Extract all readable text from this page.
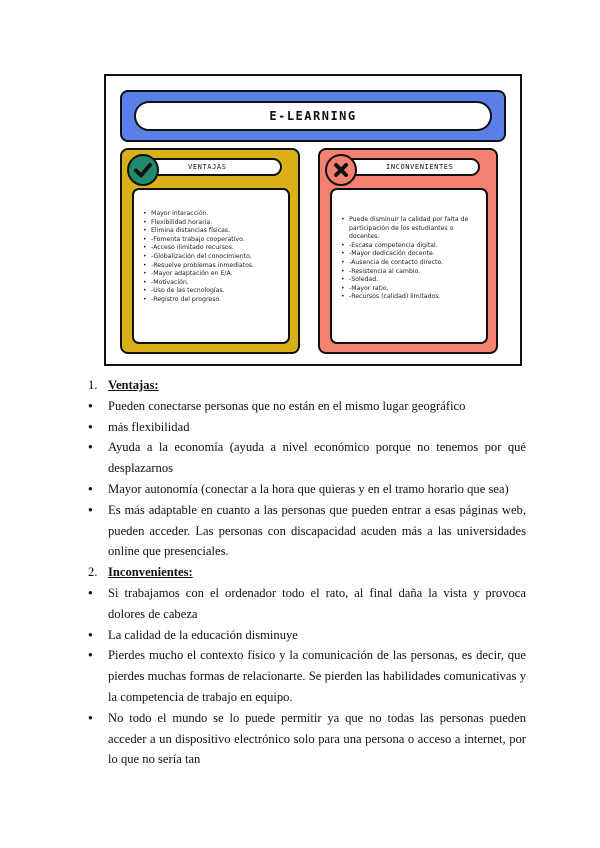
E-LEARNING
VENTAJAS
• Mayor interacción.
• Flexibilidad horaria.
• Elimina distancias físicas.
• -Fomenta trabajo cooperativo.
• -Acceso ilimitado recursos.
• -Globalización del conocimiento.
• -Resuelve problemas inmediatos.
• -Mayor adaptación en E/A.
• -Motivación.
• -Uso de las tecnologías.
• -Registro del progreso.
INCONVENIENTES
• Puede disminuir la calidad por falta de participación de los estudiantes o docentes.
• -Escasa competencia digital.
• -Mayor dedicación docente.
• -Ausencia de contacto directo.
• -Resistencia al cambio.
• -Soledad.
• -Mayor ratio.
• -Recursos (calidad) limitados.
1. Ventajas:
● Pueden conectarse personas que no están en el mismo lugar geográfico
● más flexibilidad
● Ayuda a la economía (ayuda a nivel económico porque no tenemos por qué desplazarnos
● Mayor autonomía (conectar a la hora que quieras y en el tramo horario que sea)
● Es más adaptable en cuanto a las personas que pueden entrar a esas páginas web, pueden acceder. Las personas con discapacidad acuden más a las universidades online que presenciales.
2. Inconvenientes:
● Si trabajamos con el ordenador todo el rato, al final daña la vista y provoca dolores de cabeza
● La calidad de la educación disminuye
● Pierdes mucho el contexto físico y la comunicación de las personas, es decir, que pierdes muchas formas de relacionarte. Se pierden las habilidades comunicativas y la competencia de trabajo en equipo.
● No todo el mundo se lo puede permitir ya que no todas las personas pueden acceder a un dispositivo electrónico solo para una persona o acceso a internet, por lo que no sería tan
